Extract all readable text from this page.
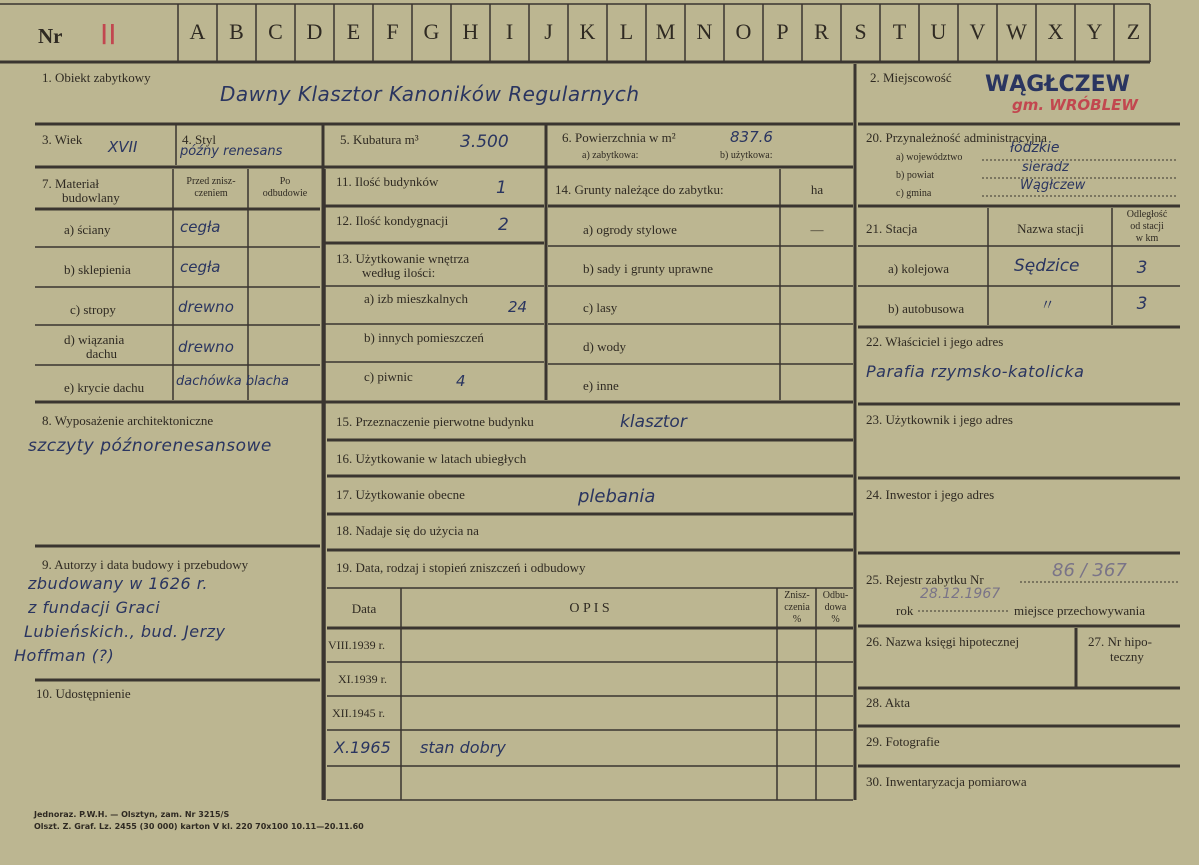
Nr II
1. Obiekt zabytkowy
Dawny Klasztor Kanoników Regularnych
2. Miejscowość WĄGŁCZEW
gm. WRÓBLEW
3. Wiek XVII	4. Styl
późny renesans
5. Kubatura m³ 3.500	6. Powierzchnia w m²	837.6
a) zabytkowa:	b) użytkowa:
7. Materiał
budowlany
Przed znisz-
czeniem
Po
odbudowie
a) ściany	cegła
b) sklepienia	cegła
c) stropy	drewno
d) wiązania
dachu	drewno
e) krycie dachu dachówka blacha
8. Wyposażenie architektoniczne
szczyty późnorenesansowe
9. Autorzy i data budowy i przebudowy
zbudowany w 1626 r.
z fundacji Graci
Lubieńskich., bud. Jerzy
Hoffman (?)
10. Udostępnienie
11. Ilość budynków	1
12. Ilość kondygnacji	2
13. Użytkowanie wnętrza
według ilości:
a) izb mieszkalnych	24
b) innych pomieszczeń
c) piwnic	4
14. Grunty należące do zabytku:	ha
a) ogrody stylowe	—
b) sady i grunty uprawne
c) lasy
d) wody
e) inne
15. Przeznaczenie pierwotne budynku	klasztor
16. Użytkowanie w latach ubiegłych
17. Użytkowanie obecne	plebania
18. Nadaje się do użycia na
19. Data, rodzaj i stopień zniszczeń i odbudowy
Data	O P I S
Znisz-
czenia
%
Odbu-
dowa
%
VIII.1939 r.
XI.1939 r.
XII.1945 r.
X.1965 stan dobry
20. Przynależność administracyjna
a) województwo
łódzkie
b) powiat
sieradz
c) gmina
Wągłczew
21. Stacja	Nazwa stacji
Odległość
od stacji
w km
a) kolejowa	Sędzice	3
b) autobusowa	〃	3
22. Właściciel i jego adres
Parafia rzymsko-katolicka
23. Użytkownik i jego adres
24. Inwestor i jego adres
25. Rejestr zabytku Nr	86 / 367
rok
28.12.1967
miejsce przechowywania
26. Nazwa księgi hipotecznej	27. Nr hipo-
teczny
28. Akta
29. Fotografie
30. Inwentaryzacja pomiarowa
Jednoraz. P.W.H. — Olsztyn, zam. Nr 3215/S
Olszt. Z. Graf. Lz. 2455 (30 000) karton V kl. 220 70x100 10.11—20.11.60
A	B	C	D	E	F	G	H	I	J	K	L	M N	O	P	R	S	T	U	V W X	Y	Z
